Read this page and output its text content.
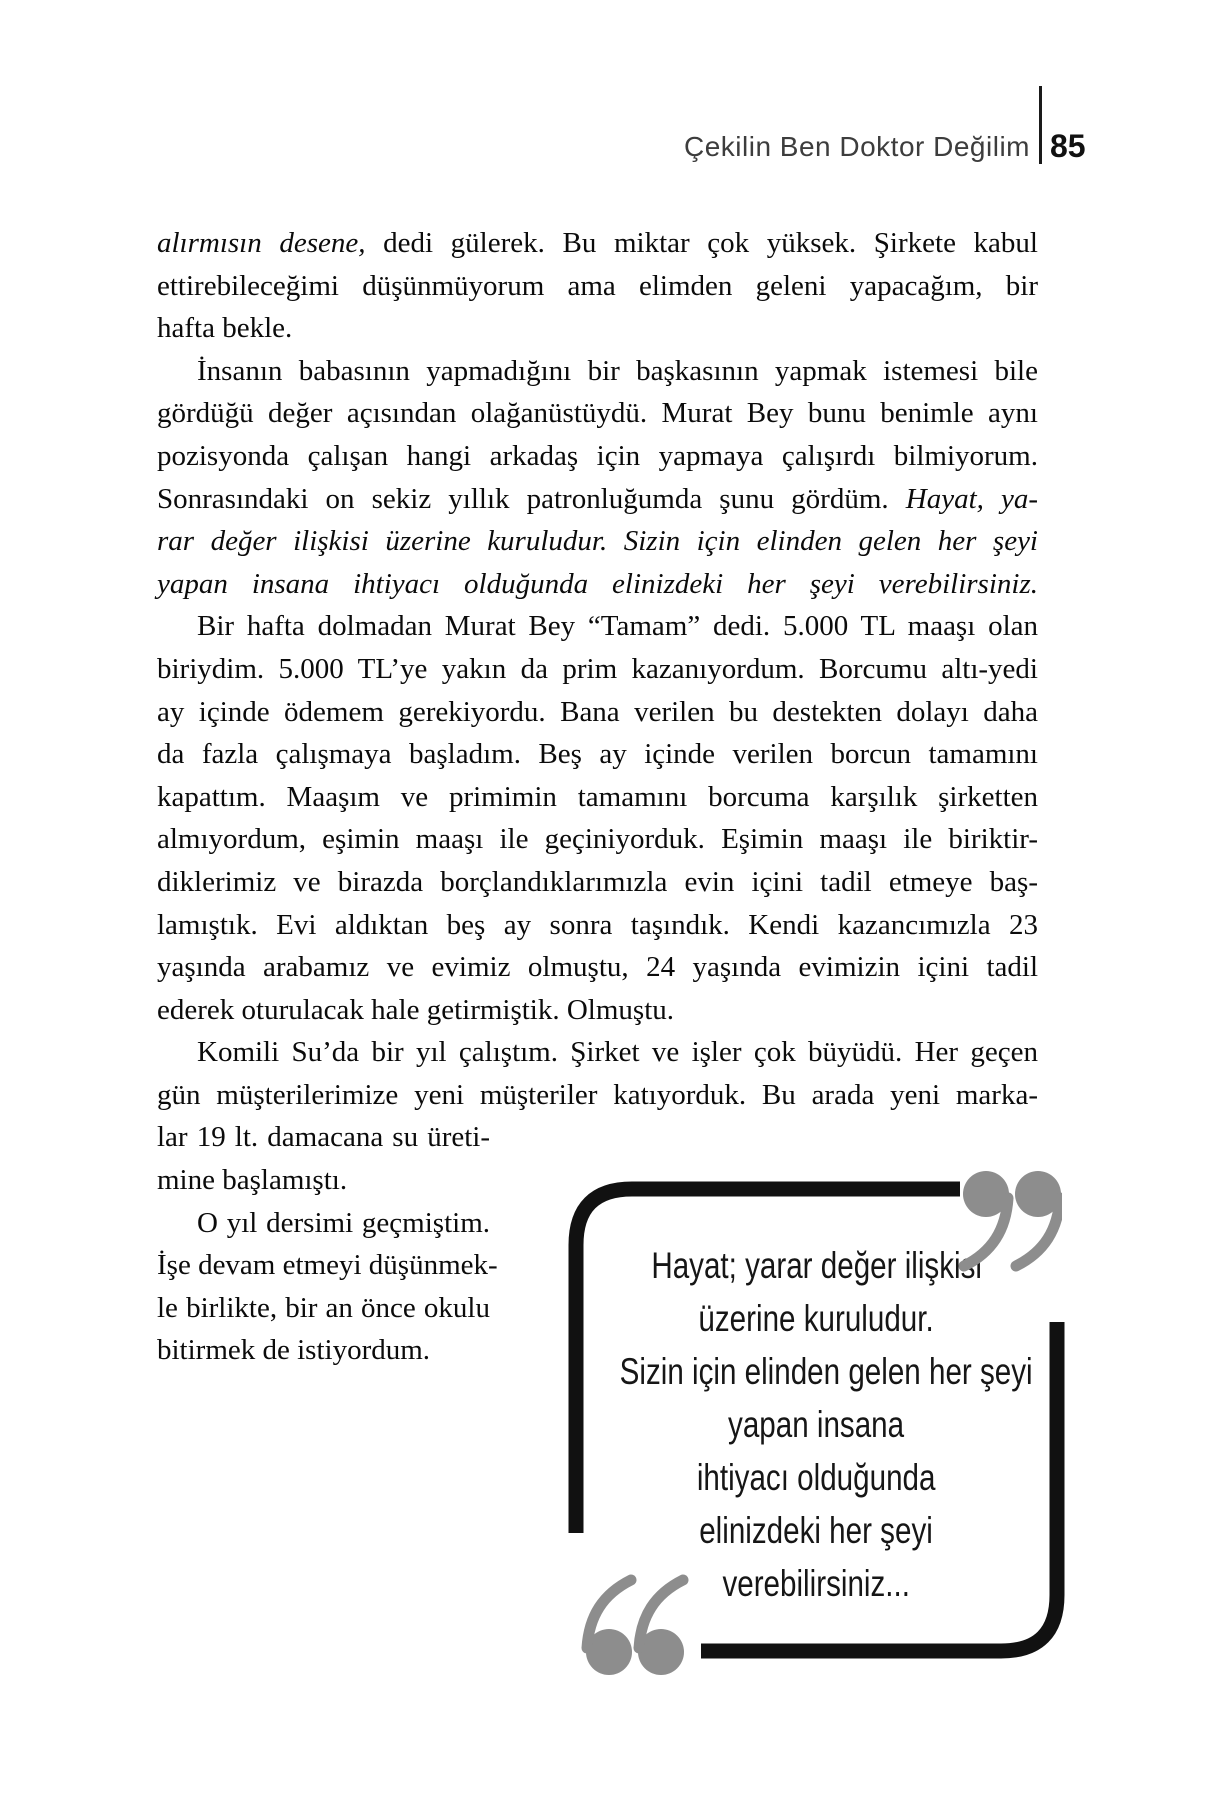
Çekilin Ben Doktor Değilim 85
alırmısın desene, dedi gülerek. Bu miktar çok yüksek. Şirkete kabul
ettirebileceğimi düşünmüyorum ama elimden geleni yapacağım, bir
hafta bekle.
İnsanın babasının yapmadığını bir başkasının yapmak istemesi bile
gördüğü değer açısından olağanüstüydü. Murat Bey bunu benimle aynı
pozisyonda çalışan hangi arkadaş için yapmaya çalışırdı bilmiyorum.
Sonrasındaki on sekiz yıllık patronluğumda şunu gördüm. Hayat, ya-
rar değer ilişkisi üzerine kuruludur. Sizin için elinden gelen her şeyi
yapan insana ihtiyacı olduğunda elinizdeki her şeyi verebilirsiniz.
Bir hafta dolmadan Murat Bey “Tamam” dedi. 5.000 TL maaşı olan
biriydim. 5.000 TL’ye yakın da prim kazanıyordum. Borcumu altı-yedi
ay içinde ödemem gerekiyordu. Bana verilen bu destekten dolayı daha
da fazla çalışmaya başladım. Beş ay içinde verilen borcun tamamını
kapattım. Maaşım ve primimin tamamını borcuma karşılık şirketten
almıyordum, eşimin maaşı ile geçiniyorduk. Eşimin maaşı ile biriktir-
diklerimiz ve birazda borçlandıklarımızla evin içini tadil etmeye baş-
lamıştık. Evi aldıktan beş ay sonra taşındık. Kendi kazancımızla 23
yaşında arabamız ve evimiz olmuştu, 24 yaşında evimizin içini tadil
ederek oturulacak hale getirmiştik. Olmuştu.
Komili Su’da bir yıl çalıştım. Şirket ve işler çok büyüdü. Her geçen
gün müşterilerimize yeni müşteriler katıyorduk. Bu arada yeni marka-
lar 19 lt. damacana su üreti-
mine başlamıştı.
O yıl dersimi geçmiştim.
İşe devam etmeyi düşünmek-
le birlikte, bir an önce okulu
bitirmek de istiyordum.
Hayat; yarar değer ilişkisi
üzerine kuruludur.
Sizin için elinden gelen her şeyi
yapan insana
ihtiyacı olduğunda
elinizdeki her şeyi
verebilirsiniz...
